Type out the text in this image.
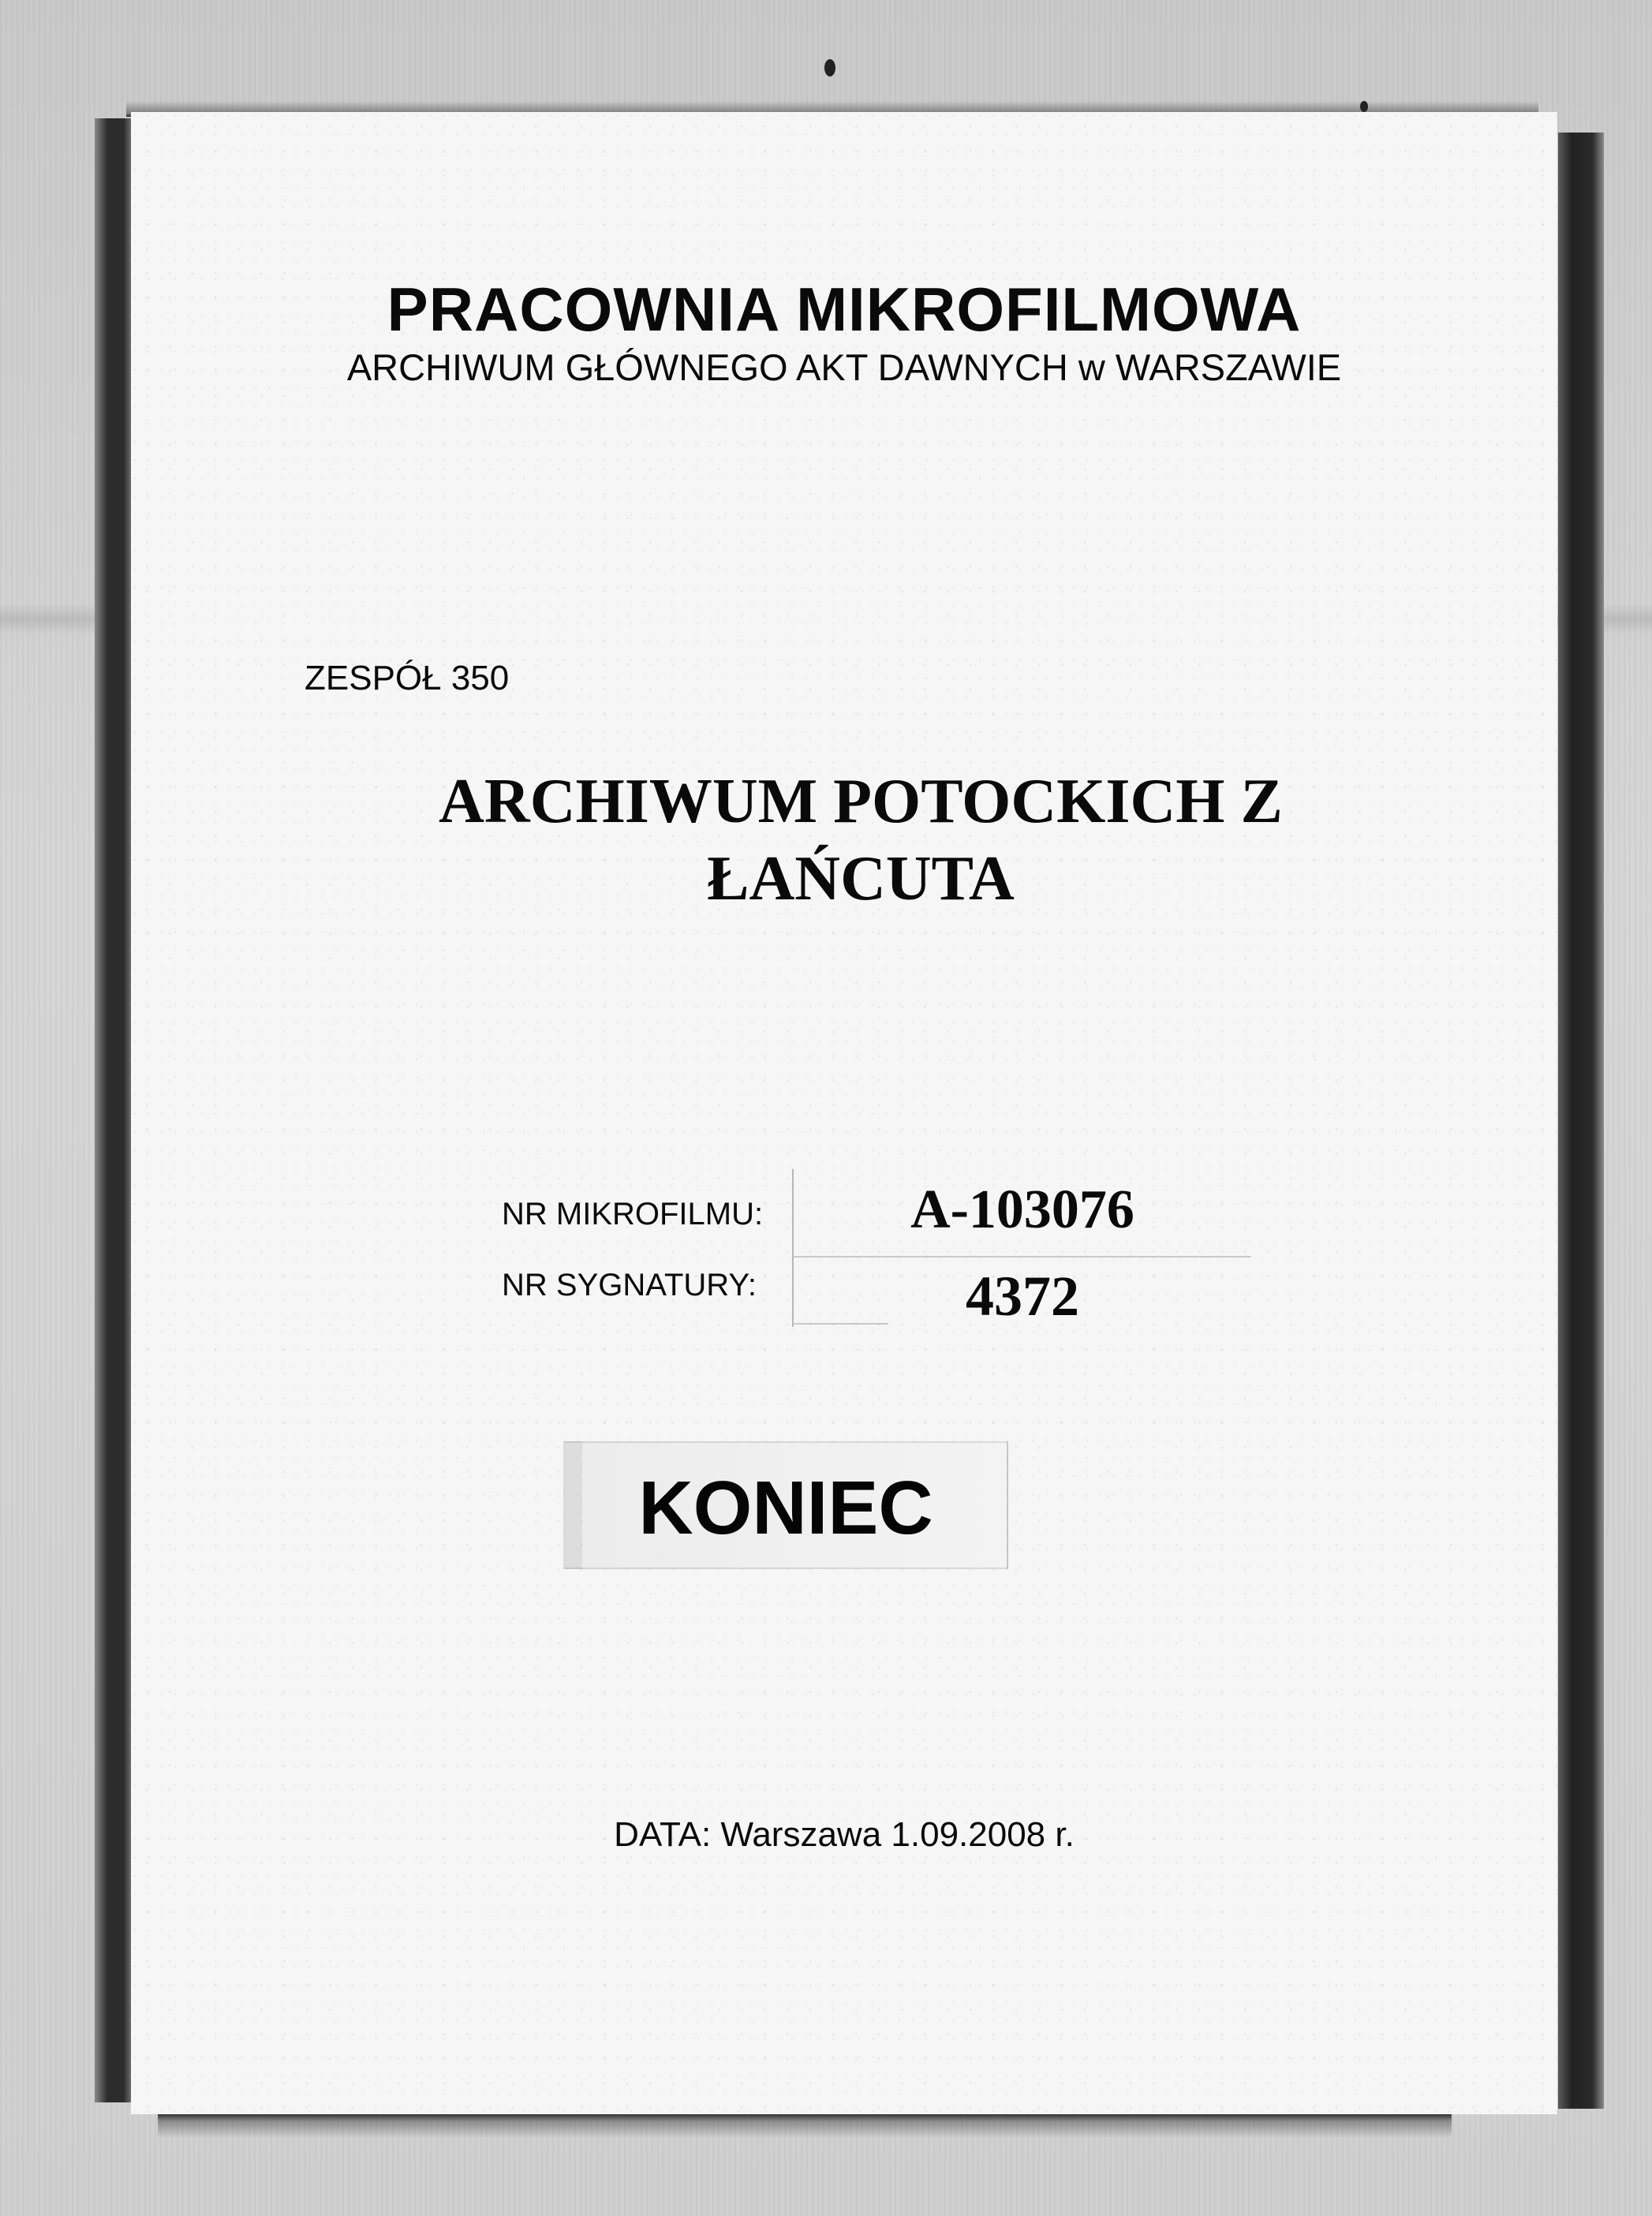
PRACOWNIA MIKROFILMOWA
ARCHIWUM GŁÓWNEGO AKT DAWNYCH w WARSZAWIE
ZESPÓŁ 350
ARCHIWUM POTOCKICH Z
ŁAŃCUTA
NR MIKROFILMU:	A-103076
NR SYGNATURY:	4372
KONIEC
DATA: Warszawa 1.09.2008 r.
